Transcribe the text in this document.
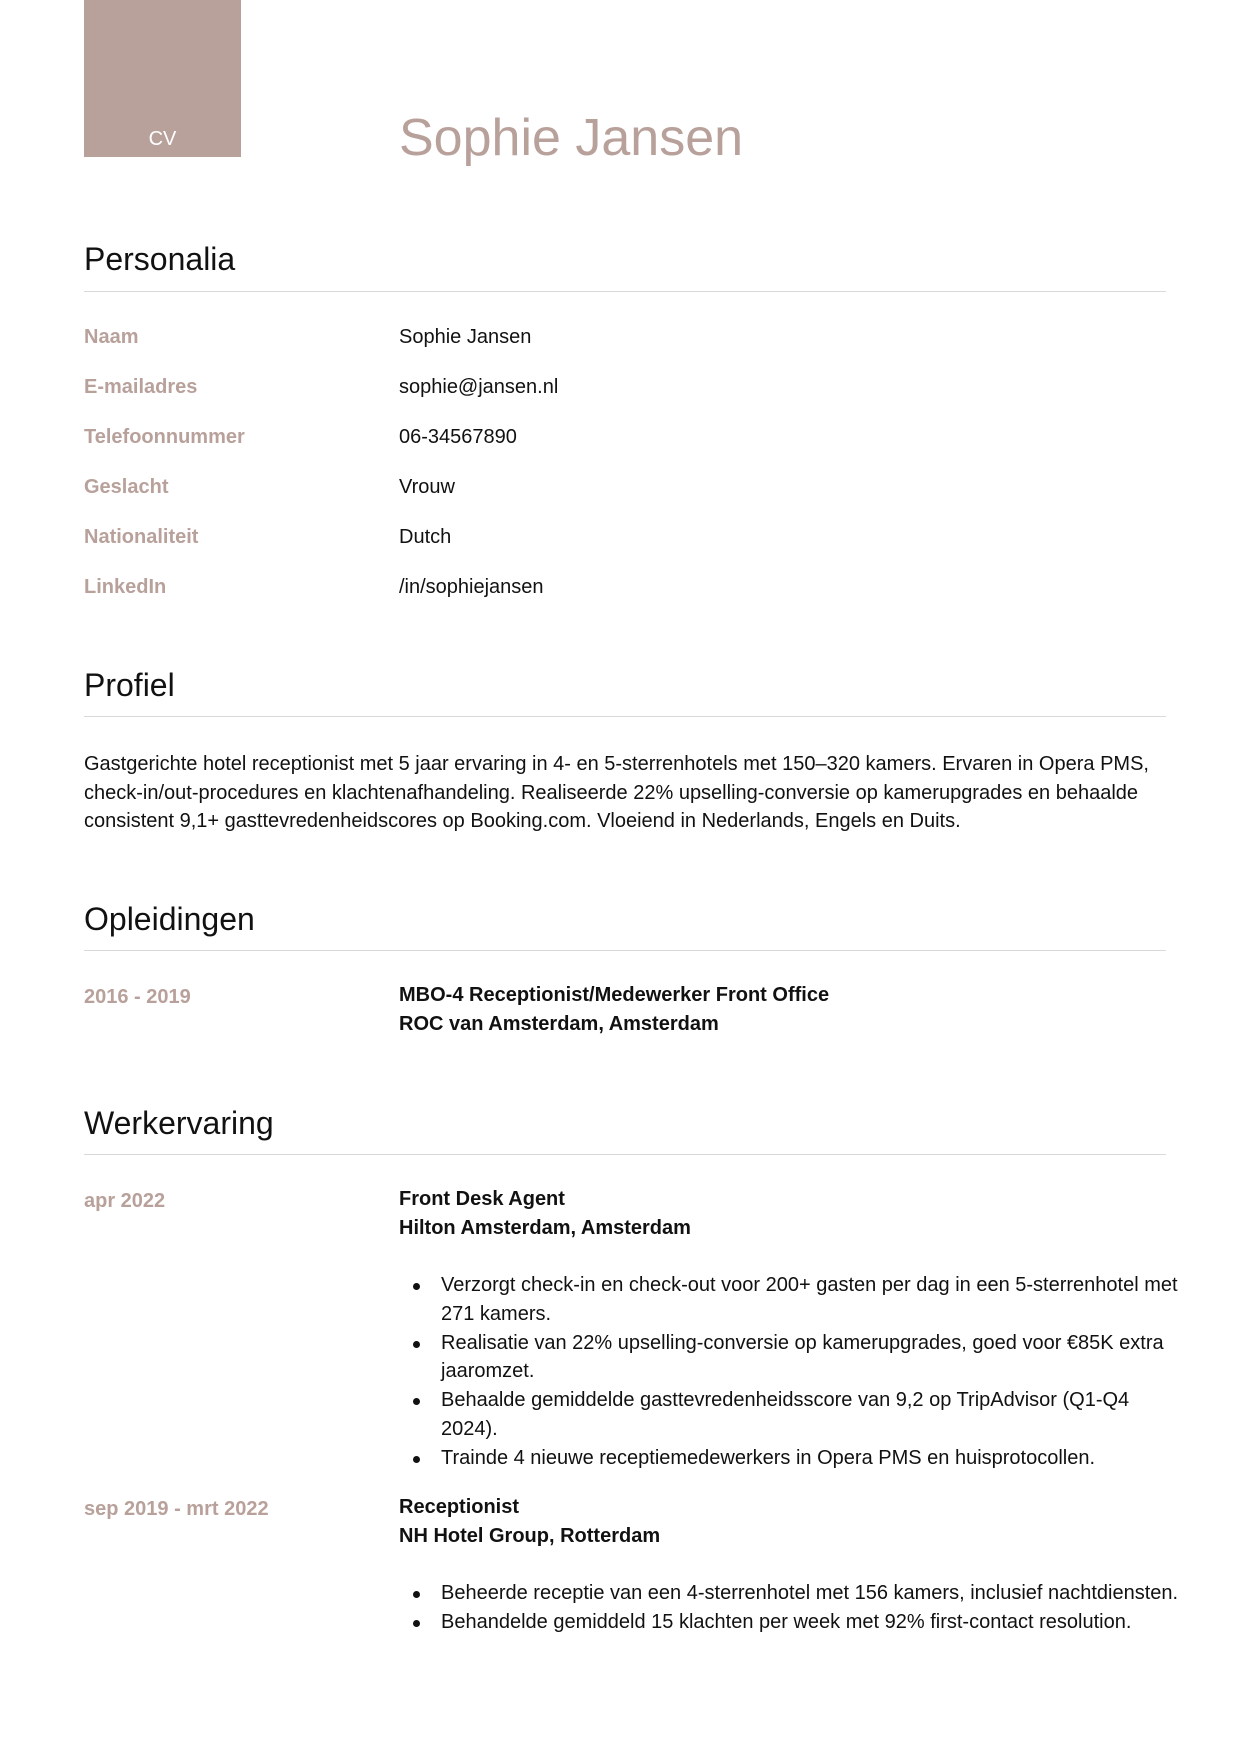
CV	Sophie Jansen
Personalia
Naam	Sophie Jansen
E-mailadres	sophie@jansen.nl
Telefoonnummer	06-34567890
Geslacht	Vrouw
Nationaliteit	Dutch
LinkedIn	/in/sophiejansen
Profiel

Gastgerichte hotel receptionist met 5 jaar ervaring in 4- en 5-sterrenhotels met 150–320 kamers. Ervaren in Opera PMS, check-in/out-procedures en klachtenafhandeling. Realiseerde 22% upselling-conversie op kamerupgrades en behaalde consistent 9,1+ gasttevredenheidscores op Booking.com. Vloeiend in Nederlands, Engels en Duits.

Opleidingen
2016 - 2019	MBO-4 Receptionist/Medewerker Front Office
ROC van Amsterdam, Amsterdam
Werkervaring
apr 2022	Front Desk Agent
Hilton Amsterdam, Amsterdam
Verzorgt check-in en check-out voor 200+ gasten per dag in een 5-sterrenhotel met 271 kamers.
Realisatie van 22% upselling-conversie op kamerupgrades, goed voor €85K extra jaaromzet.
Behaalde gemiddelde gasttevredenheidsscore van 9,2 op TripAdvisor (Q1-Q4 2024).
Trainde 4 nieuwe receptiemedewerkers in Opera PMS en huisprotocollen.
sep 2019 - mrt 2022	Receptionist
NH Hotel Group, Rotterdam
Beheerde receptie van een 4-sterrenhotel met 156 kamers, inclusief nachtdiensten.
Behandelde gemiddeld 15 klachten per week met 92% first-contact resolution.
